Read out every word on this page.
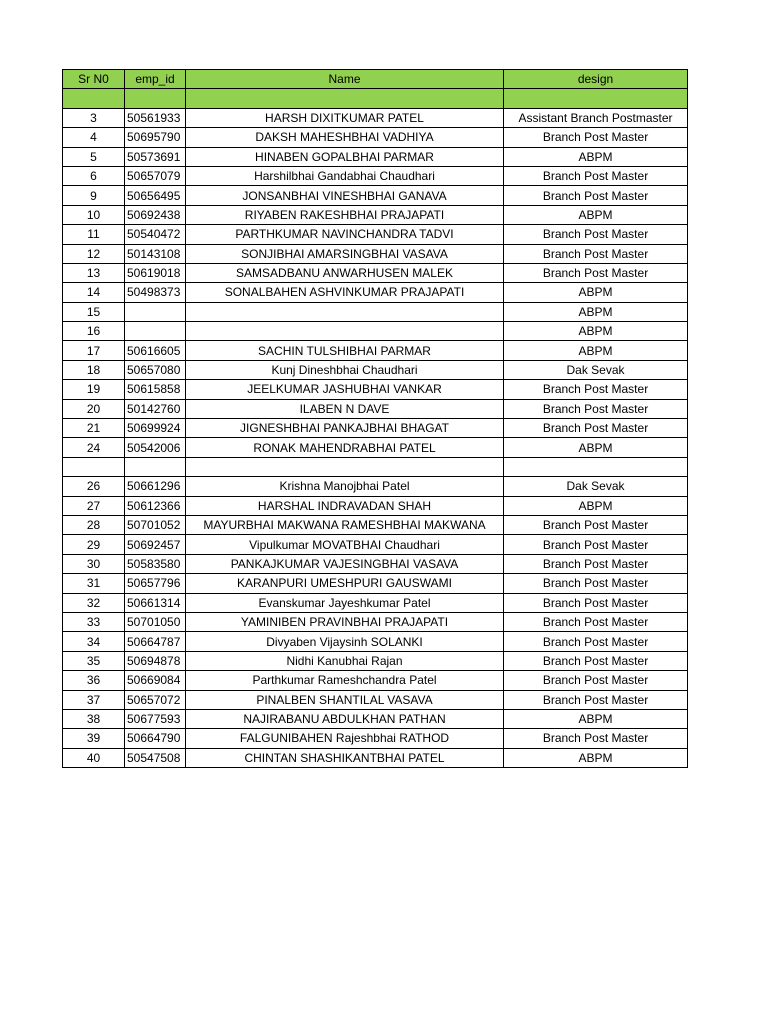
Sr N0	emp_id	Name	design

3	50561933	HARSH DIXITKUMAR PATEL	Assistant Branch Postmaster
4	50695790	DAKSH MAHESHBHAI VADHIYA	Branch Post Master
5	50573691	HINABEN GOPALBHAI PARMAR	ABPM
6	50657079	Harshilbhai Gandabhai Chaudhari	Branch Post Master
9	50656495	JONSANBHAI VINESHBHAI GANAVA	Branch Post Master
10	50692438	RIYABEN RAKESHBHAI PRAJAPATI	ABPM
11	50540472	PARTHKUMAR NAVINCHANDRA TADVI	Branch Post Master
12	50143108	SONJIBHAI AMARSINGBHAI VASAVA	Branch Post Master
13	50619018	SAMSADBANU ANWARHUSEN MALEK	Branch Post Master
14	50498373	SONALBAHEN ASHVINKUMAR PRAJAPATI	ABPM
15			ABPM
16			ABPM
17	50616605	SACHIN TULSHIBHAI PARMAR	ABPM
18	50657080	Kunj Dineshbhai Chaudhari	Dak Sevak
19	50615858	JEELKUMAR JASHUBHAI VANKAR	Branch Post Master
20	50142760	ILABEN N DAVE	Branch Post Master
21	50699924	JIGNESHBHAI PANKAJBHAI BHAGAT	Branch Post Master
24	50542006	RONAK MAHENDRABHAI PATEL	ABPM

26	50661296	Krishna Manojbhai Patel	Dak Sevak
27	50612366	HARSHAL INDRAVADAN SHAH	ABPM
28	50701052	MAYURBHAI MAKWANA RAMESHBHAI MAKWANA	Branch Post Master
29	50692457	Vipulkumar MOVATBHAI Chaudhari	Branch Post Master
30	50583580	PANKAJKUMAR VAJESINGBHAI VASAVA	Branch Post Master
31	50657796	KARANPURI UMESHPURI GAUSWAMI	Branch Post Master
32	50661314	Evanskumar Jayeshkumar Patel	Branch Post Master
33	50701050	YAMINIBEN PRAVINBHAI PRAJAPATI	Branch Post Master
34	50664787	Divyaben Vijaysinh SOLANKI	Branch Post Master
35	50694878	Nidhi Kanubhai Rajan	Branch Post Master
36	50669084	Parthkumar Rameshchandra Patel	Branch Post Master
37	50657072	PINALBEN SHANTILAL VASAVA	Branch Post Master
38	50677593	NAJIRABANU ABDULKHAN PATHAN	ABPM
39	50664790	FALGUNIBAHEN Rajeshbhai RATHOD	Branch Post Master
40	50547508	CHINTAN SHASHIKANTBHAI PATEL	ABPM
